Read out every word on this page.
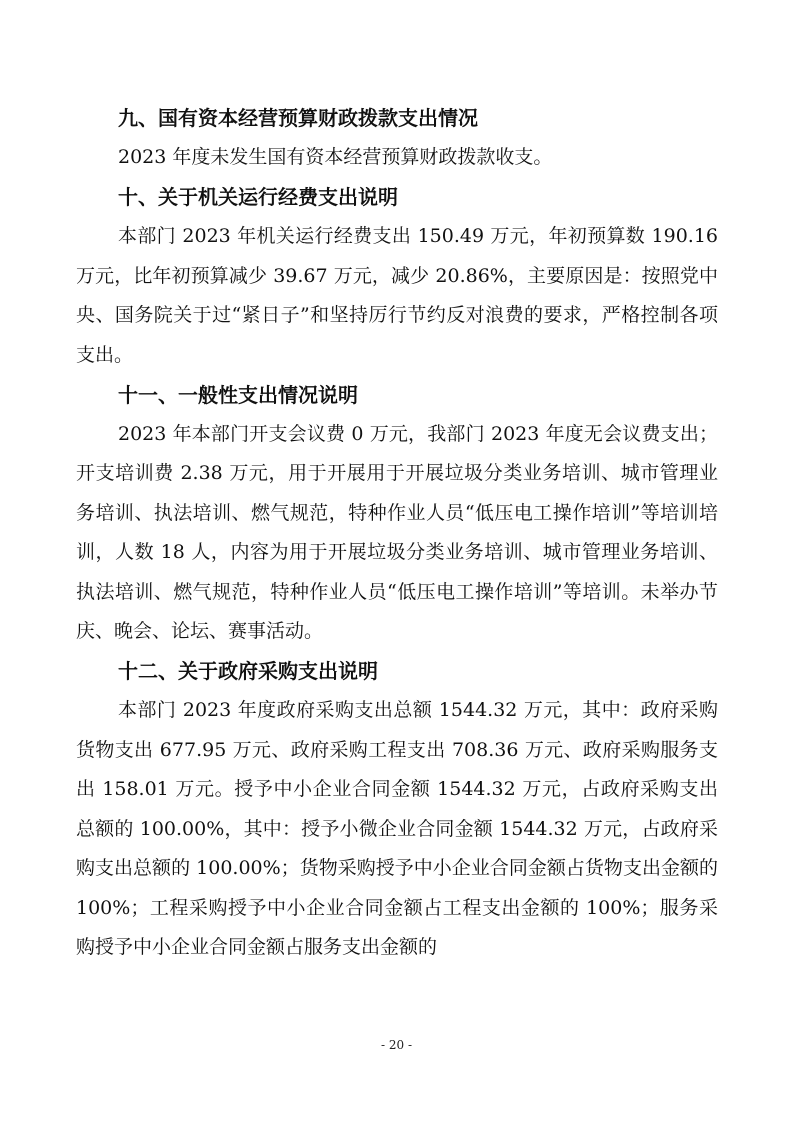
九、国有资本经营预算财政拨款支出情况

2023 年度未发生国有资本经营预算财政拨款收支。

十、关于机关运行经费支出说明

本部门 2023 年机关运行经费支出 150.49 万元，年初预算数 190.16 万元，比年初预算减少 39.67 万元，减少 20.86%，主要原因是：按照党中央、国务院关于过“紧日子”和坚持厉行节约反对浪费的要求，严格控制各项支出。

十一、一般性支出情况说明

2023 年本部门开支会议费 0 万元，我部门 2023 年度无会议费支出；开支培训费 2.38 万元，用于开展用于开展垃圾分类业务培训、城市管理业务培训、执法培训、燃气规范，特种作业人员“低压电工操作培训”等培训培训，人数 18 人，内容为用于开展垃圾分类业务培训、城市管理业务培训、执法培训、燃气规范，特种作业人员“低压电工操作培训”等培训。未举办节庆、晚会、论坛、赛事活动。

十二、关于政府采购支出说明

本部门 2023 年度政府采购支出总额 1544.32 万元，其中：政府采购货物支出 677.95 万元、政府采购工程支出 708.36 万元、政府采购服务支出 158.01 万元。授予中小企业合同金额 1544.32 万元，占政府采购支出总额的 100.00%，其中：授予小微企业合同金额 1544.32 万元，占政府采购支出总额的 100.00%；货物采购授予中小企业合同金额占货物支出金额的 100%；工程采购授予中小企业合同金额占工程支出金额的 100%；服务采购授予中小企业合同金额占服务支出金额的

- 20 -
